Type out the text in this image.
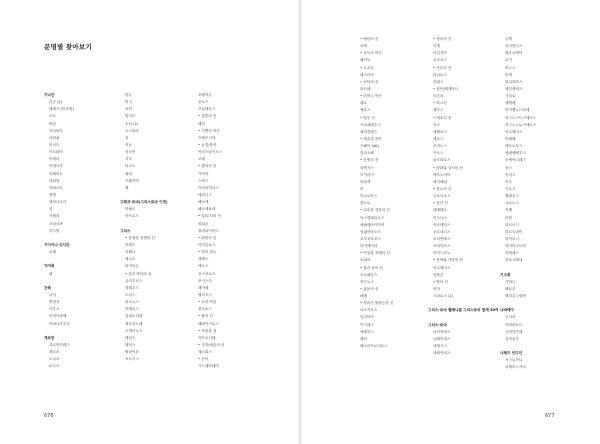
문명별 찾아보기
가나안
다곤 (2)
레셰프 (미쿠랄)
모트
바알
사다바투
샤파쉬
아나트
아르타아
아세라
아세르투
아테아트
아쉬암
아타르트
엘엘
엘쿠니르샤
일
카테라
코타르바
하두틀
가이아나 인디언
로베
가야족
페
간족
나이
뿌얏지
사우오
아미아광배
아파나우루사
게르만
가로반가레스
게르소
도나르
로두르
린트
미니
보단
발키르
오딘 (2)
오스타라
울
이둔
이르민
지르
티르도
풀라
프레이야
헬
그레코-로마(그리스로마 이전)
아필로
아프로드
그리스
• 감정과 전쟁의 신
아레스
아테나
에니오
파이아손
• 감과 바다의 신
글라우코스
네레우스
도리스
마오토스
아켈로스
암피트리테
에우리노메
오케아노스
테티스
테티스
팔라이몬
포르키스
포세이돈
폰토스
프로테우스
• 결혼의 신
헤라
• 기쁨의 여신
프레모시네
• 농경/풍작
아리스타이오스
코레
• 행복의 신
가이아
스틱스
이아마이나스
에리니스
페르세
페르세포네
• 밀/토지의 신
암피온
플라타이아스
• 바람의 신
아이올로스
• 별과 하늘
엘렉트
에오스
포스포로스
포시스가
헤카테
헬리오스
• 무의 여신
플루토스
• 불의 신
헤파이스토스
• 사랑과 성
아프로디테
• 사하/예술의 신
테르피스
• 신탁
시드레아테아
• 바람의 신
코에
• 설득의 여신
페이토
• 수호신
헤스티아
• 신탁의 신
타르녜
• 어머니 여신
레토
제우스
• 영웅 신
프로메테우스
헤라클레스
• 예술과 음악
카페아 (alt)
칼리오페
• 운명의 신
라케시스
모이라이
아남케
어
이르로포스
클로토
• 의술과 건강의 신
아스클레피오스
에필레마이아어
암피아라오스
코루포르포스
하기에이아
• 이성과 지혜의 신
소피아
• 잠과 꿈의 신
모르페우스
히프노스
• 젊음의 신
헤베
• 정의가 불평등한 신
나르키소스
일리티아
이시레스
에레모스
헤라
헤르마프로디토스
• 정의의 신
디케
아디키아
호르포스
• 죽음의 신
타나토스
하데스
• 집단/헤게모니
티몬라
• 최고신
제우스
• 태초의 신
닉스
에레보스
에로스
우라노스
카오스
타르타로스
• 평화와 질서의 신
에우노미아
에이레네
• 풍요의 신
디오니소스
• 풍산 신
데메테르
이도니스
아르테미스
코르네니스
코리반테스
프리아포스
하이드라노
• 풍어와 사냥의 신
아르테미스
아폴론
• 헐의 신
비아
크라토스 (2)
그리스-로마 헬레니즘 그리스로마 합계 30여
그리스-로마
나이아데스
나레이데스
네메시스
네레이데스
니케
라다만티스
레우코테아
로카
미노스
미케
바일리아스
세이레네스
사티로
세멜레
아가멤노드아레
아그노스트스테오스
아그노스토스테오스
아르테미스
아테베
에우로포스
에피메테우스
오케아니데스
옵스
이리스
이오
카오스
켈레우스
크로노스
키벨
티탄
파르니시
파르르네이
하이모니
하이미나트아
히에레스
히포크레네
기수족
가하니
베로우
메리루그랑바
나바테아
두샤라
아라파트트
사이밍카세
일라알루
나체즈 인디언
거스토가나
나체리스가나
676	677
